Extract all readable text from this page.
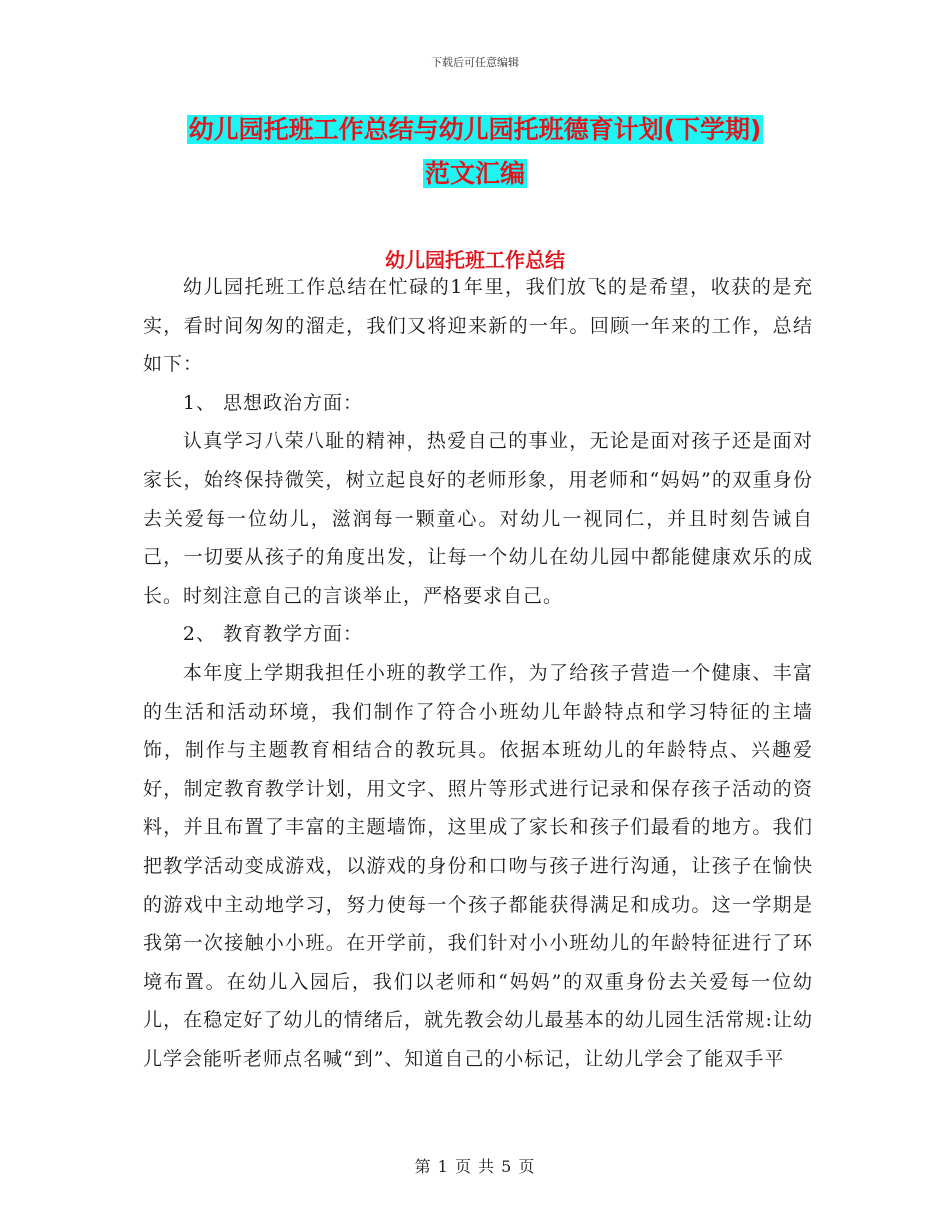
下载后可任意编辑
幼儿园托班工作总结与幼儿园托班德育计划(下学期)
范文汇编
幼儿园托班工作总结

幼儿园托班工作总结在忙碌的1年里，我们放飞的是希望，收获的是充实，看时间匆匆的溜走，我们又将迎来新的一年。回顾一年来的工作，总结如下：

1、 思想政治方面：

认真学习八荣八耻的精神，热爱自己的事业，无论是面对孩子还是面对家长，始终保持微笑，树立起良好的老师形象，用老师和“妈妈”的双重身份去关爱每一位幼儿，滋润每一颗童心。对幼儿一视同仁，并且时刻告诫自己，一切要从孩子的角度出发，让每一个幼儿在幼儿园中都能健康欢乐的成长。时刻注意自己的言谈举止，严格要求自己。

2、 教育教学方面：

本年度上学期我担任小班的教学工作，为了给孩子营造一个健康、丰富的生活和活动环境，我们制作了符合小班幼儿年龄特点和学习特征的主墙饰，制作与主题教育相结合的教玩具。依据本班幼儿的年龄特点、兴趣爱好，制定教育教学计划，用文字、照片等形式进行记录和保存孩子活动的资料，并且布置了丰富的主题墙饰，这里成了家长和孩子们最看的地方。我们把教学活动变成游戏，以游戏的身份和口吻与孩子进行沟通，让孩子在愉快的游戏中主动地学习，努力使每一个孩子都能获得满足和成功。这一学期是我第一次接触小小班。在开学前，我们针对小小班幼儿的年龄特征进行了环境布置。在幼儿入园后，我们以老师和“妈妈”的双重身份去关爱每一位幼儿，在稳定好了幼儿的情绪后，就先教会幼儿最基本的幼儿园生活常规:让幼儿学会能听老师点名喊“到”、知道自己的小标记，让幼儿学会了能双手平

第 1 页 共 5 页
